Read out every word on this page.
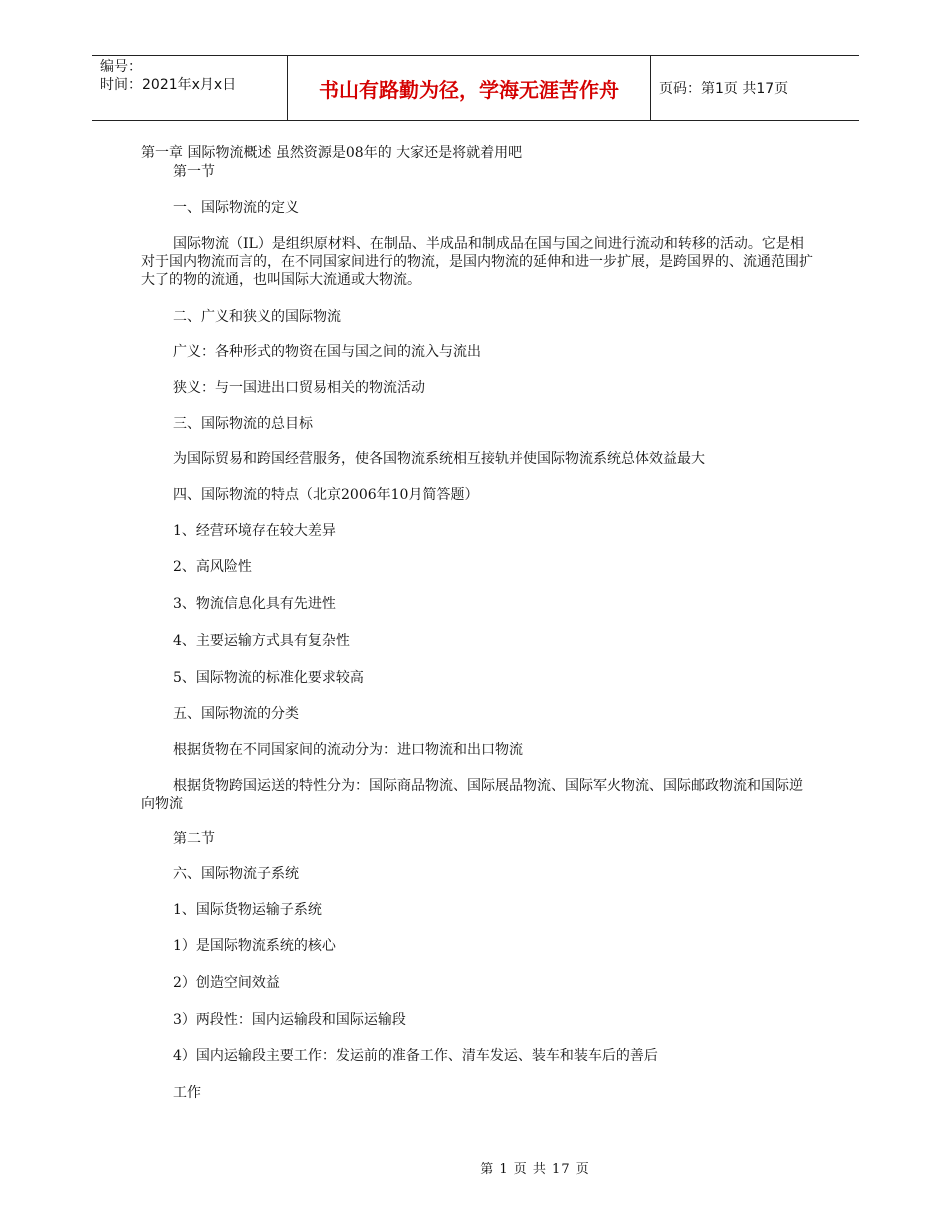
编号：
时间：2021年x月x日	书山有路勤为径，学海无涯苦作舟	页码：第1页 共17页

第一章 国际物流概述 虽然资源是08年的 大家还是将就着用吧

第一节

一、国际物流的定义

国际物流（IL）是组织原材料、在制品、半成品和制成品在国与国之间进行流动和转移的活动。它是相对于国内物流而言的，在不同国家间进行的物流，是国内物流的延伸和进一步扩展，是跨国界的、流通范围扩大了的物的流通，也叫国际大流通或大物流。

二、广义和狭义的国际物流

广义：各种形式的物资在国与国之间的流入与流出

狭义：与一国进出口贸易相关的物流活动

三、国际物流的总目标

为国际贸易和跨国经营服务，使各国物流系统相互接轨并使国际物流系统总体效益最大

四、国际物流的特点（北京2006年10月简答题）

1、经营环境存在较大差异

2、高风险性

3、物流信息化具有先进性

4、主要运输方式具有复杂性

5、国际物流的标准化要求较高

五、国际物流的分类

根据货物在不同国家间的流动分为：进口物流和出口物流

根据货物跨国运送的特性分为：国际商品物流、国际展品物流、国际军火物流、国际邮政物流和国际逆向物流

第二节

六、国际物流子系统

1、国际货物运输子系统

1）是国际物流系统的核心

2）创造空间效益

3）两段性：国内运输段和国际运输段

4）国内运输段主要工作：发运前的准备工作、清车发运、装车和装车后的善后

工作

第 1 页 共 17 页
